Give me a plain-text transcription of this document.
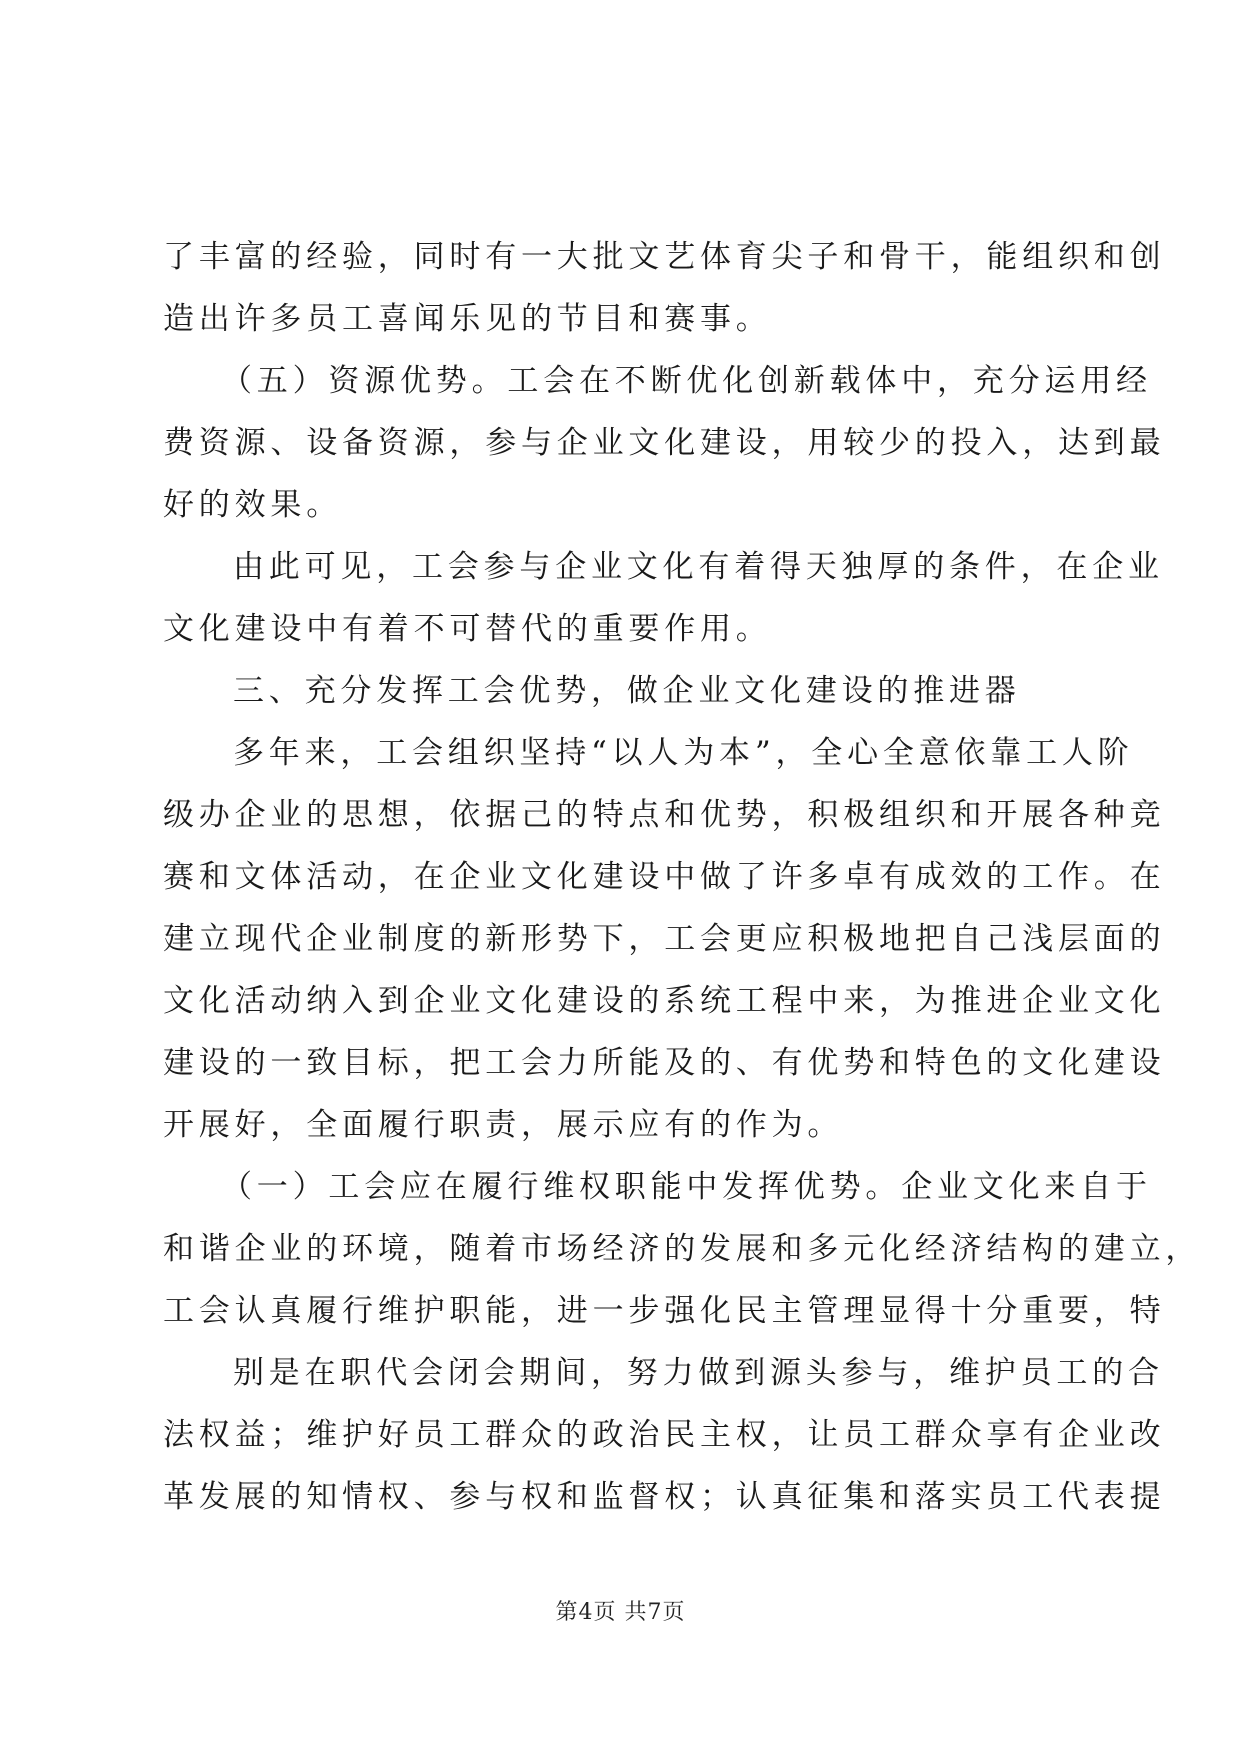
了丰富的经验，同时有一大批文艺体育尖子和骨干，能组织和创
造出许多员工喜闻乐见的节目和赛事。
（五）资源优势。工会在不断优化创新载体中，充分运用经
费资源、设备资源，参与企业文化建设，用较少的投入，达到最
好的效果。
由此可见，工会参与企业文化有着得天独厚的条件，在企业
文化建设中有着不可替代的重要作用。
三、充分发挥工会优势，做企业文化建设的推进器
多年来，工会组织坚持“以人为本”，全心全意依靠工人阶
级办企业的思想，依据己的特点和优势，积极组织和开展各种竞
赛和文体活动，在企业文化建设中做了许多卓有成效的工作。在
建立现代企业制度的新形势下，工会更应积极地把自己浅层面的
文化活动纳入到企业文化建设的系统工程中来，为推进企业文化
建设的一致目标，把工会力所能及的、有优势和特色的文化建设
开展好，全面履行职责，展示应有的作为。
（一）工会应在履行维权职能中发挥优势。企业文化来自于
和谐企业的环境，随着市场经济的发展和多元化经济结构的建立，
工会认真履行维护职能，进一步强化民主管理显得十分重要，特
别是在职代会闭会期间，努力做到源头参与，维护员工的合
法权益；维护好员工群众的政治民主权，让员工群众享有企业改
革发展的知情权、参与权和监督权；认真征集和落实员工代表提
第4页 共7页
